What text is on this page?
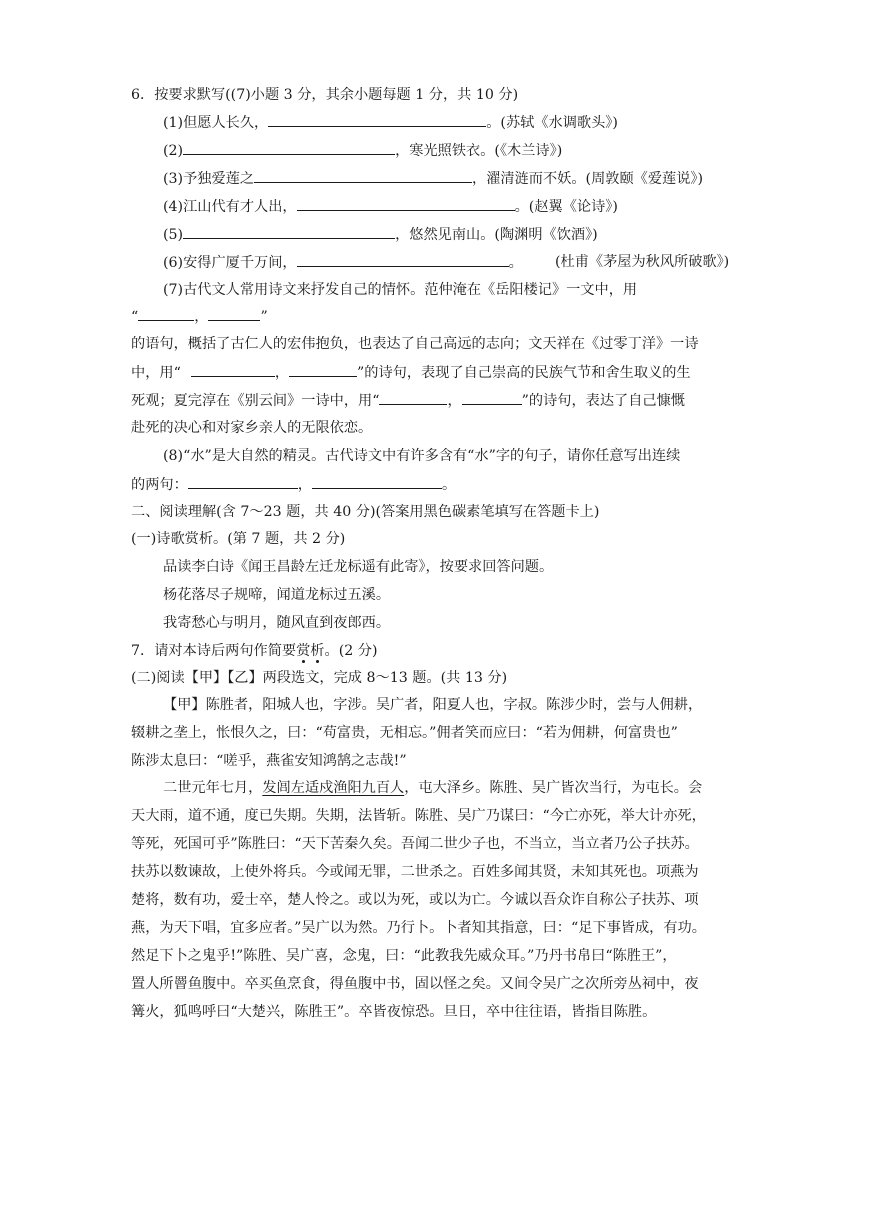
6．按要求默写((7)小题 3 分，其余小题每题 1 分，共 10 分)
(1)但愿人长久，	。(苏轼《水调歌头》)
(2)	，寒光照铁衣。(《木兰诗》)
(3)予独爱莲之	，濯清涟而不妖。(周敦颐《爱莲说》)
(4)江山代有才人出，	。(赵翼《论诗》)
(5)	，悠然见南山。(陶渊明《饮酒》)
(6)安得广厦千万间，	。 (杜甫《茅屋为秋风所破歌》)
(7)古代文人常用诗文来抒发自己的情怀。范仲淹在《岳阳楼记》一文中，用
“	，	”
的语句，概括了古仁人的宏伟抱负，也表达了自己高远的志向；文天祥在《过零丁洋》一诗
中，用“	，	”的诗句，表现了自己崇高的民族气节和舍生取义的生
死观；夏完淳在《别云间》一诗中，用“	，	”的诗句，表达了自己慷慨
赴死的决心和对家乡亲人的无限依恋。
(8)“水”是大自然的精灵。古代诗文中有许多含有“水”字的句子，请你任意写出连续
的两句：	，	。
二、阅读理解(含 7～23 题，共 40 分)(答案用黑色碳素笔填写在答题卡上)
(一)诗歌赏析。(第 7 题，共 2 分)
品读李白诗《闻王昌龄左迁龙标遥有此寄》，按要求回答问题。
杨花落尽子规啼，闻道龙标过五溪。
我寄愁心与明月，随风直到夜郎西。
7．请对本诗后两句作简要赏析。(2 分)
(二)阅读【甲】【乙】两段选文，完成 8～13 题。(共 13 分)
【甲】陈胜者，阳城人也，字涉。吴广者，阳夏人也，字叔。陈涉少时，尝与人佣耕，
辍耕之垄上，怅恨久之，曰：“苟富贵，无相忘。”佣者笑而应曰：“若为佣耕，何富贵也”
陈涉太息曰：“嗟乎，燕雀安知鸿鹄之志哉!”
二世元年七月，发闾左适戍渔阳九百人，屯大泽乡。陈胜、吴广皆次当行，为屯长。会
天大雨，道不通，度已失期。失期，法皆斩。陈胜、吴广乃谋曰：“今亡亦死，举大计亦死，
等死，死国可乎”陈胜曰：“天下苦秦久矣。吾闻二世少子也，不当立，当立者乃公子扶苏。
扶苏以数谏故，上使外将兵。今或闻无罪，二世杀之。百姓多闻其贤，未知其死也。项燕为
楚将，数有功，爱士卒，楚人怜之。或以为死，或以为亡。今诚以吾众诈自称公子扶苏、项
燕，为天下唱，宜多应者。”吴广以为然。乃行卜。卜者知其指意，曰：“足下事皆成，有功。
然足下卜之鬼乎!”陈胜、吴广喜，念鬼，曰：“此教我先威众耳。”乃丹书帛曰“陈胜王”，
置人所罾鱼腹中。卒买鱼烹食，得鱼腹中书，固以怪之矣。又间令吴广之次所旁丛祠中，夜
篝火，狐鸣呼曰“大楚兴，陈胜王”。卒皆夜惊恐。旦日，卒中往往语，皆指目陈胜。
